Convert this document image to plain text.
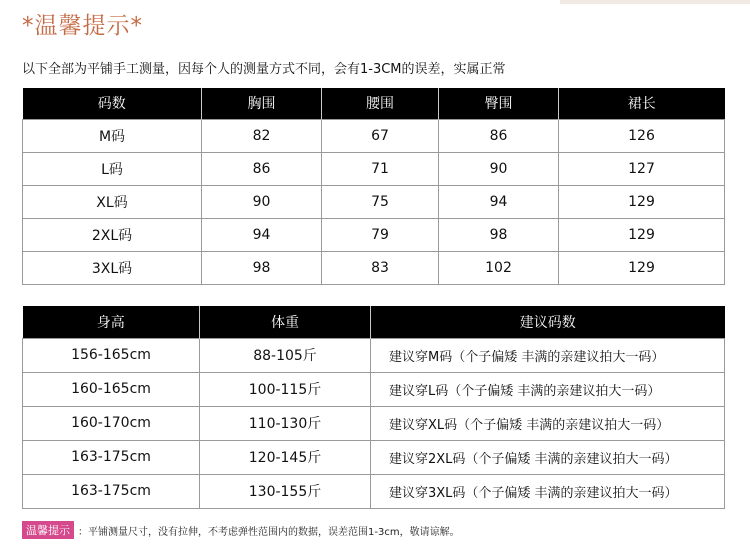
*温馨提示*
以下全部为平铺手工测量，因每个人的测量方式不同，会有1-3CM的误差，实属正常
码数	胸围	腰围	臀围	裙长
M码	82	67	86	126
L码	86	71	90	127
XL码	90	75	94	129
2XL码	94	79	98	129
3XL码	98	83	102	129
身高	体重	建议码数
156-165cm	88-105斤	建议穿M码（个子偏矮 丰满的亲建议拍大一码）
160-165cm	100-115斤	建议穿L码（个子偏矮 丰满的亲建议拍大一码）
160-170cm	110-130斤	建议穿XL码（个子偏矮 丰满的亲建议拍大一码）
163-175cm	120-145斤	建议穿2XL码（个子偏矮 丰满的亲建议拍大一码）
163-175cm	130-155斤	建议穿3XL码（个子偏矮 丰满的亲建议拍大一码）
温馨提示 ：平铺测量尺寸，没有拉伸，不考虑弹性范围内的数据，误差范围1-3cm，敬请谅解。
